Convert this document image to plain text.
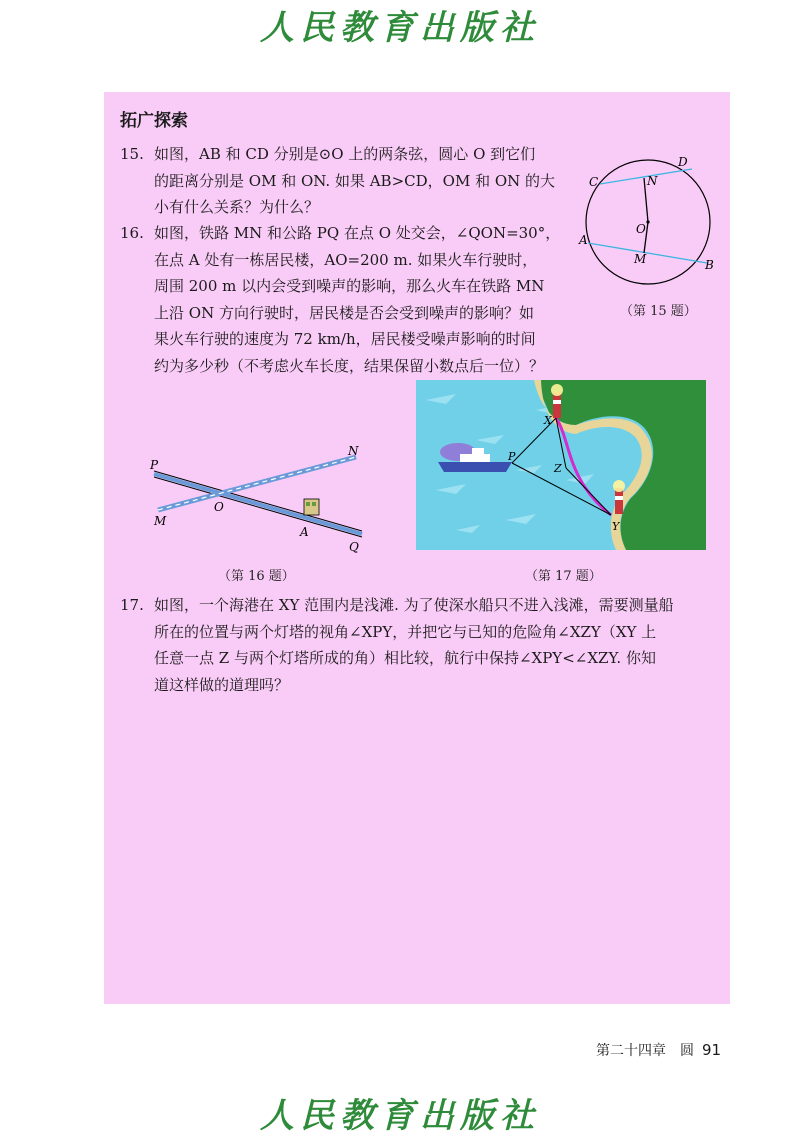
人民教育出版社
拓广探索
15. 如图，AB 和 CD 分别是⊙O 上的两条弦，圆心 O 到它们
的距离分别是 OM 和 ON. 如果 AB>CD，OM 和 ON 的大
小有什么关系？为什么？
16. 如图，铁路 MN 和公路 PQ 在点 O 处交会，∠QON=30°，
在点 A 处有一栋居民楼，AO=200 m. 如果火车行驶时，
周围 200 m 以内会受到噪声的影响，那么火车在铁路 MN
上沿 ON 方向行驶时，居民楼是否会受到噪声的影响？如
果火车行驶的速度为 72 km/h，居民楼受噪声影响的时间
约为多少秒（不考虑火车长度，结果保留小数点后一位）？
D
C	N
O
A
M	B
（第 15 题）
P
N
M
O
A
Q
（第 16 题）
X
P
Z
Y
（第 17 题）
17. 如图，一个海港在 XY 范围内是浅滩. 为了使深水船只不进入浅滩，需要测量船
所在的位置与两个灯塔的视角∠XPY，并把它与已知的危险角∠XZY（XY 上
任意一点 Z 与两个灯塔所成的角）相比较，航行中保持∠XPY<∠XZY. 你知
道这样做的道理吗？
第二十四章　圆 91
人民教育出版社
